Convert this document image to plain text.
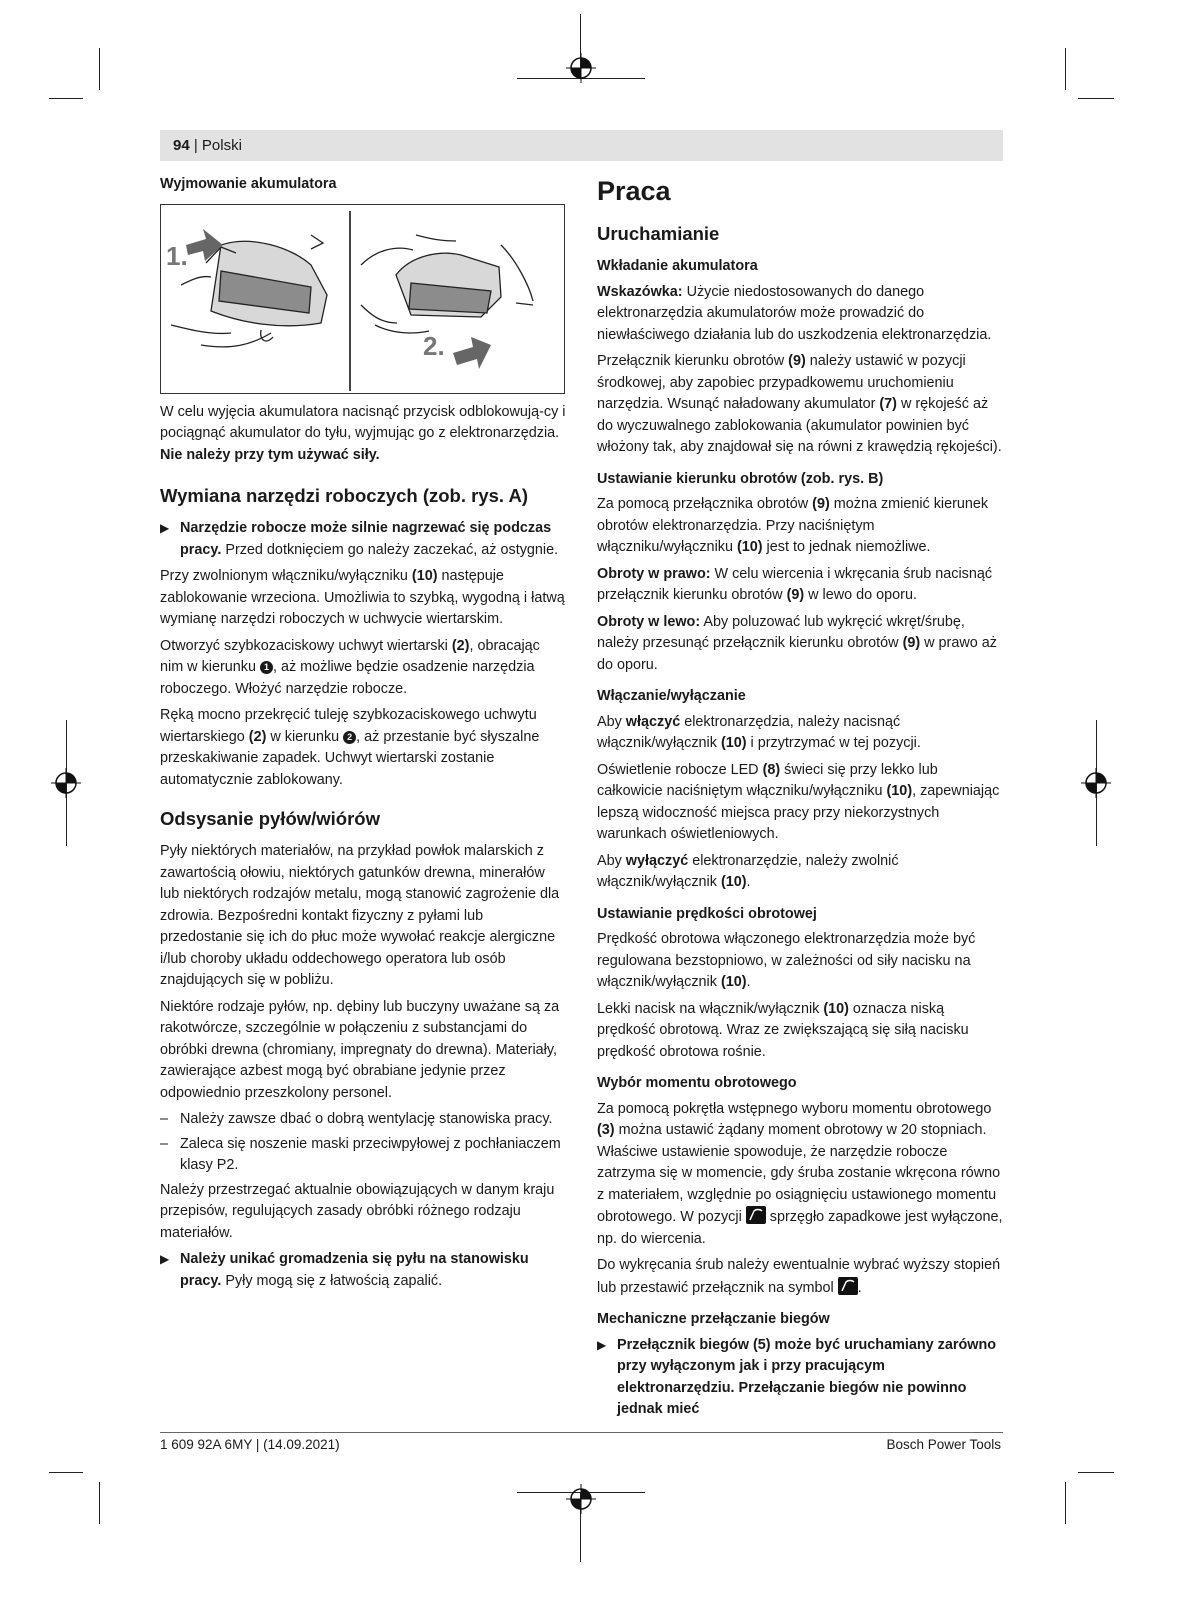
94 | Polski
Wyjmowanie akumulatora
1.
2.

W celu wyjęcia akumulatora nacisnąć przycisk odblokowują-cy i pociągnąć akumulator do tyłu, wyjmując go z elektronarzędzia. Nie należy przy tym używać siły.

Wymiana narzędzi roboczych (zob. rys. A)
▶ Narzędzie robocze może silnie nagrzewać się podczas pracy. Przed dotknięciem go należy zaczekać, aż ostygnie.

Przy zwolnionym włączniku/wyłączniku (10) następuje zablokowanie wrzeciona. Umożliwia to szybką, wygodną i łatwą wymianę narzędzi roboczych w uchwycie wiertarskim.

Otworzyć szybkozaciskowy uchwyt wiertarski (2), obracając nim w kierunku 1 , aż możliwe będzie osadzenie narzędzia roboczego. Włożyć narzędzie robocze.

Ręką mocno przekręcić tuleję szybkozaciskowego uchwytu wiertarskiego (2) w kierunku 2 , aż przestanie być słyszalne przeskakiwanie zapadek. Uchwyt wiertarski zostanie automatycznie zablokowany.

Odsysanie pyłów/wiórów

Pyły niektórych materiałów, na przykład powłok malarskich z zawartością ołowiu, niektórych gatunków drewna, minerałów lub niektórych rodzajów metalu, mogą stanowić zagrożenie dla zdrowia. Bezpośredni kontakt fizyczny z pyłami lub przedostanie się ich do płuc może wywołać reakcje alergiczne i/lub choroby układu oddechowego operatora lub osób znajdujących się w pobliżu.

Niektóre rodzaje pyłów, np. dębiny lub buczyny uważane są za rakotwórcze, szczególnie w połączeniu z substancjami do obróbki drewna (chromiany, impregnaty do drewna). Materiały, zawierające azbest mogą być obrabiane jedynie przez odpowiednio przeszkolony personel.

– Należy zawsze dbać o dobrą wentylację stanowiska pracy.
– Zaleca się noszenie maski przeciwpyłowej z pochłaniaczem klasy P2.

Należy przestrzegać aktualnie obowiązujących w danym kraju przepisów, regulujących zasady obróbki różnego rodzaju materiałów.

▶ Należy unikać gromadzenia się pyłu na stanowisku pracy. Pyły mogą się z łatwością zapalić.
Praca
Uruchamianie
Wkładanie akumulatora

Wskazówka: Użycie niedostosowanych do danego elektronarzędzia akumulatorów może prowadzić do niewłaściwego działania lub do uszkodzenia elektronarzędzia.

Przełącznik kierunku obrotów (9) należy ustawić w pozycji środkowej, aby zapobiec przypadkowemu uruchomieniu narzędzia. Wsunąć naładowany akumulator (7) w rękojeść aż do wyczuwalnego zablokowania (akumulator powinien być włożony tak, aby znajdował się na równi z krawędzią rękojeści).

Ustawianie kierunku obrotów (zob. rys. B)

Za pomocą przełącznika obrotów (9) można zmienić kierunek obrotów elektronarzędzia. Przy naciśniętym włączniku/wyłączniku (10) jest to jednak niemożliwe.

Obroty w prawo: W celu wiercenia i wkręcania śrub nacisnąć przełącznik kierunku obrotów (9) w lewo do oporu.

Obroty w lewo: Aby poluzować lub wykręcić wkręt/śrubę, należy przesunąć przełącznik kierunku obrotów (9) w prawo aż do oporu.

Włączanie/wyłączanie

Aby włączyć elektronarzędzia, należy nacisnąć włącznik/wyłącznik (10) i przytrzymać w tej pozycji.

Oświetlenie robocze LED (8) świeci się przy lekko lub całkowicie naciśniętym włączniku/wyłączniku (10), zapewniając lepszą widoczność miejsca pracy przy niekorzystnych warunkach oświetleniowych.

Aby wyłączyć elektronarzędzie, należy zwolnić włącznik/wyłącznik (10).

Ustawianie prędkości obrotowej

Prędkość obrotowa włączonego elektronarzędzia może być regulowana bezstopniowo, w zależności od siły nacisku na włącznik/wyłącznik (10).

Lekki nacisk na włącznik/wyłącznik (10) oznacza niską prędkość obrotową. Wraz ze zwiększającą się siłą nacisku prędkość obrotowa rośnie.

Wybór momentu obrotowego

Za pomocą pokrętła wstępnego wyboru momentu obrotowego (3) można ustawić żądany moment obrotowy w 20 stopniach. Właściwe ustawienie spowoduje, że narzędzie robocze zatrzyma się w momencie, gdy śruba zostanie wkręcona równo z materiałem, względnie po osiągnięciu ustawionego momentu obrotowego. W pozycji  sprzęgło zapadkowe jest wyłączone, np. do wiercenia.

Do wykręcania śrub należy ewentualnie wybrać wyższy stopień lub przestawić przełącznik na symbol .

Mechaniczne przełączanie biegów
▶ Przełącznik biegów (5) może być uruchamiany zarówno przy wyłączonym jak i przy pracującym elektronarzędziu. Przełączanie biegów nie powinno jednak mieć
1 609 92A 6MY | (14.09.2021)	Bosch Power Tools
